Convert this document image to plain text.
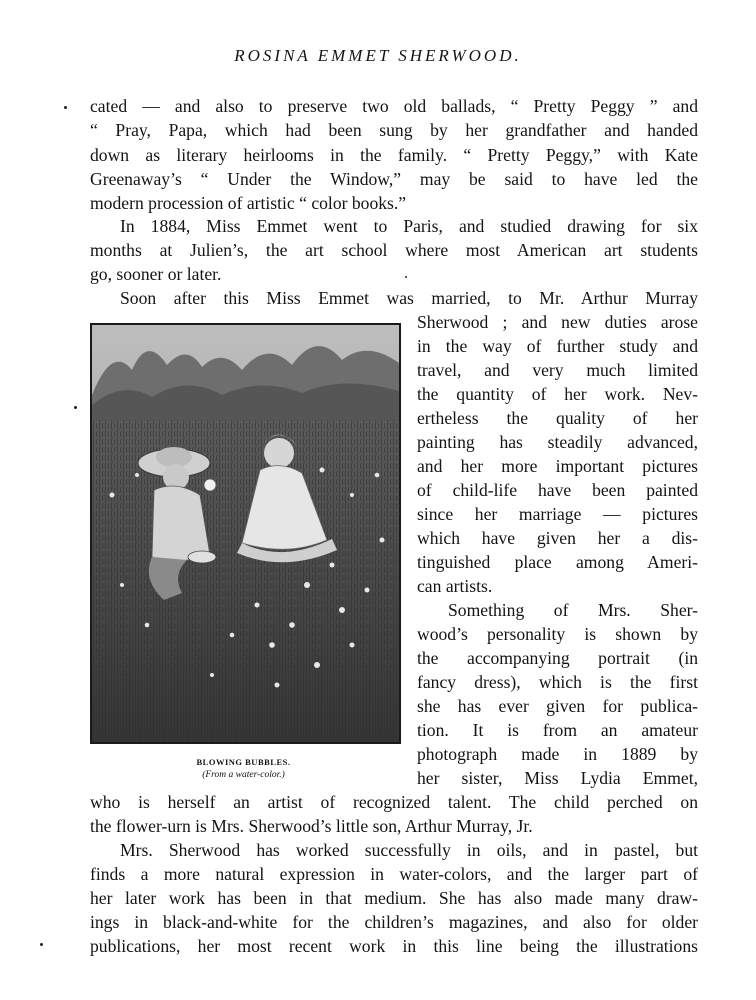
ROSINA EMMET SHERWOOD.
cated — and also to preserve two old ballads, “ Pretty Peggy ” and
“ Pray, Papa, which had been sung by her grandfather and handed
down as literary heirlooms in the family. “ Pretty Peggy,” with Kate
Greenaway’s “ Under the Window,” may be said to have led the
modern procession of artistic “ color books.”
In 1884, Miss Emmet went to Paris, and studied drawing for six
months at Julien’s, the art school where most American art students
go, sooner or later.
Soon after this Miss Emmet was married, to Mr. Arthur Murray
Sherwood ; and new duties arose
in the way of further study and
travel, and very much limited
the quantity of her work. Nev-
ertheless the quality of her
painting has steadily advanced,
and her more important pictures
of child-life have been painted
since her marriage — pictures
which have given her a dis-
tinguished place among Ameri-
can artists.
Something of Mrs. Sher-
wood’s personality is shown by
the accompanying portrait (in
fancy dress), which is the first
she has ever given for publica-
tion. It is from an amateur
photograph made in 1889 by
her sister, Miss Lydia Emmet,
who is herself an artist of recognized talent. The child perched on
the flower-urn is Mrs. Sherwood’s little son, Arthur Murray, Jr.
Mrs. Sherwood has worked successfully in oils, and in pastel, but
finds a more natural expression in water-colors, and the larger part of
her later work has been in that medium. She has also made many draw-
ings in black-and-white for the children’s magazines, and also for older
publications, her most recent work in this line being the illustrations
BLOWING BUBBLES.
(From a water-color.)
